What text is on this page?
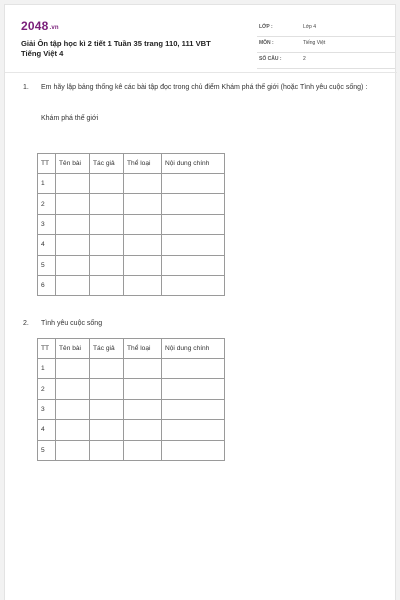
2048.vn
Giải Ôn tập học kì 2 tiết 1 Tuần 35 trang 110, 111 VBT Tiếng Việt 4
LỚP :	Lớp 4
MÔN :	Tiếng Việt
SỐ CÂU :	2
1. Em hãy lập bảng thống kê các bài tập đọc trong chủ điểm Khám phá thế giới (hoặc Tình yêu cuộc sống) :
Khám phá thế giới
TT	Tên bài	Tác giả	Thể loại	Nội dung chính
1				
2				
3				
4				
5				
6				
2. Tình yêu cuộc sống
TT	Tên bài	Tác giả	Thể loại	Nội dung chính
1				
2				
3				
4				
5				
